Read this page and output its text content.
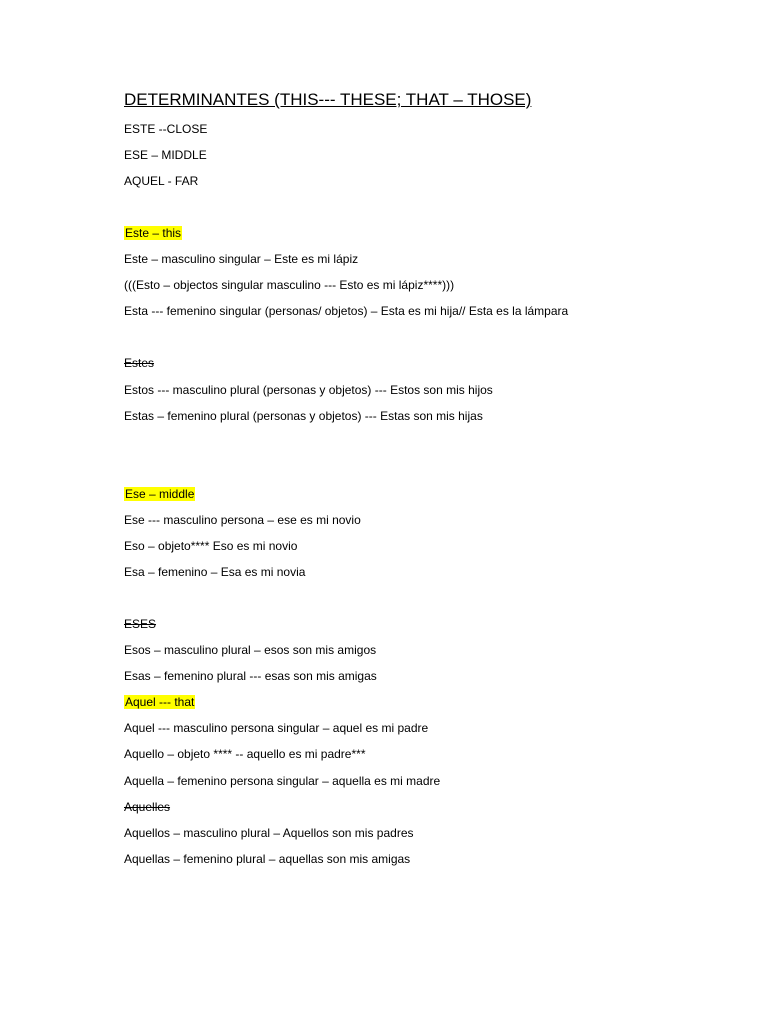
DETERMINANTES (THIS--- THESE; THAT – THOSE)
ESTE --CLOSE
ESE – MIDDLE
AQUEL - FAR
Este – this
Este – masculino singular – Este es mi lápiz
(((Esto – objectos singular masculino --- Esto es mi lápiz****)))
Esta --- femenino singular (personas/ objetos) – Esta es mi hija// Esta es la lámpara
Estes
Estos --- masculino plural (personas y objetos) --- Estos son mis hijos
Estas – femenino plural (personas y objetos) --- Estas son mis hijas
Ese – middle
Ese --- masculino persona – ese es mi novio
Eso – objeto**** Eso es mi novio
Esa – femenino – Esa es mi novia
ESES
Esos – masculino plural – esos son mis amigos
Esas – femenino plural --- esas son mis amigas
Aquel --- that
Aquel --- masculino persona singular – aquel es mi padre
Aquello – objeto **** -- aquello es mi padre***
Aquella – femenino persona singular – aquella es mi madre
Aquelles
Aquellos – masculino plural – Aquellos son mis padres
Aquellas – femenino plural – aquellas son mis amigas
